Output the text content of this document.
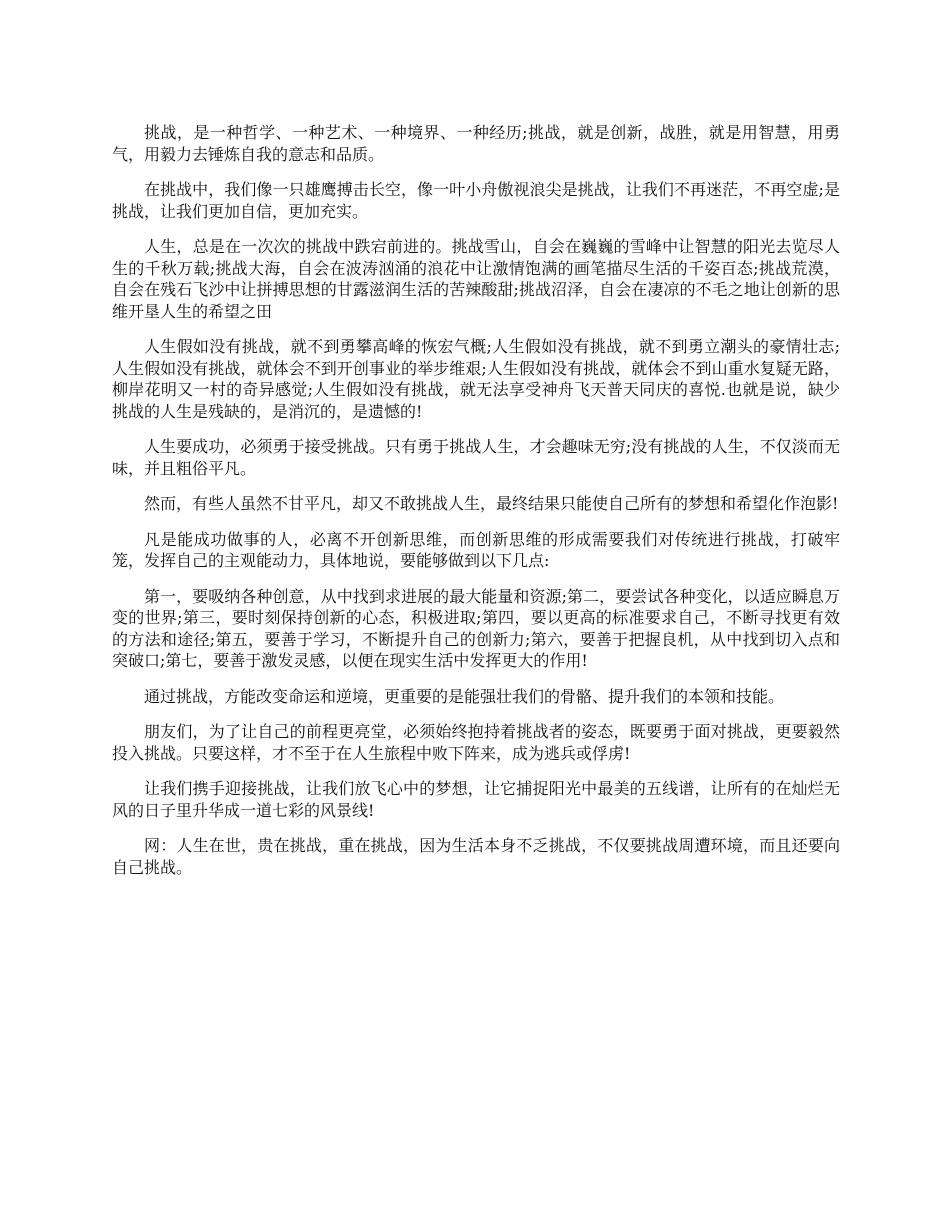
挑战，是一种哲学、一种艺术、一种境界、一种经历;挑战，就是创新，战胜，就是用智慧，用勇气，用毅力去锤炼自我的意志和品质。

在挑战中，我们像一只雄鹰搏击长空，像一叶小舟傲视浪尖是挑战，让我们不再迷茫，不再空虚;是挑战，让我们更加自信，更加充实。

人生，总是在一次次的挑战中跌宕前进的。挑战雪山，自会在巍巍的雪峰中让智慧的阳光去览尽人生的千秋万载;挑战大海，自会在波涛汹涌的浪花中让激情饱满的画笔描尽生活的千姿百态;挑战荒漠，自会在残石飞沙中让拼搏思想的甘露滋润生活的苦辣酸甜;挑战沼泽，自会在凄凉的不毛之地让创新的思维开垦人生的希望之田

人生假如没有挑战，就不到勇攀高峰的恢宏气概;人生假如没有挑战，就不到勇立潮头的豪情壮志;人生假如没有挑战，就体会不到开创事业的举步维艰;人生假如没有挑战，就体会不到山重水复疑无路，柳岸花明又一村的奇异感觉;人生假如没有挑战，就无法享受神舟飞天普天同庆的喜悦.也就是说，缺少挑战的人生是残缺的，是消沉的，是遗憾的!

人生要成功，必须勇于接受挑战。只有勇于挑战人生，才会趣味无穷;没有挑战的人生，不仅淡而无味，并且粗俗平凡。

然而，有些人虽然不甘平凡，却又不敢挑战人生，最终结果只能使自己所有的梦想和希望化作泡影!

凡是能成功做事的人，必离不开创新思维，而创新思维的形成需要我们对传统进行挑战，打破牢笼，发挥自己的主观能动力，具体地说，要能够做到以下几点:

第一，要吸纳各种创意，从中找到求进展的最大能量和资源;第二，要尝试各种变化，以适应瞬息万变的世界;第三，要时刻保持创新的心态，积极进取;第四，要以更高的标准要求自己，不断寻找更有效的方法和途径;第五，要善于学习，不断提升自己的创新力;第六，要善于把握良机，从中找到切入点和突破口;第七，要善于激发灵感，以便在现实生活中发挥更大的作用!

通过挑战，方能改变命运和逆境，更重要的是能强壮我们的骨骼、提升我们的本领和技能。

朋友们，为了让自己的前程更亮堂，必须始终抱持着挑战者的姿态，既要勇于面对挑战，更要毅然投入挑战。只要这样，才不至于在人生旅程中败下阵来，成为逃兵或俘虏!

让我们携手迎接挑战，让我们放飞心中的梦想，让它捕捉阳光中最美的五线谱，让所有的在灿烂无风的日子里升华成一道七彩的风景线!

网：人生在世，贵在挑战，重在挑战，因为生活本身不乏挑战，不仅要挑战周遭环境，而且还要向自己挑战。
